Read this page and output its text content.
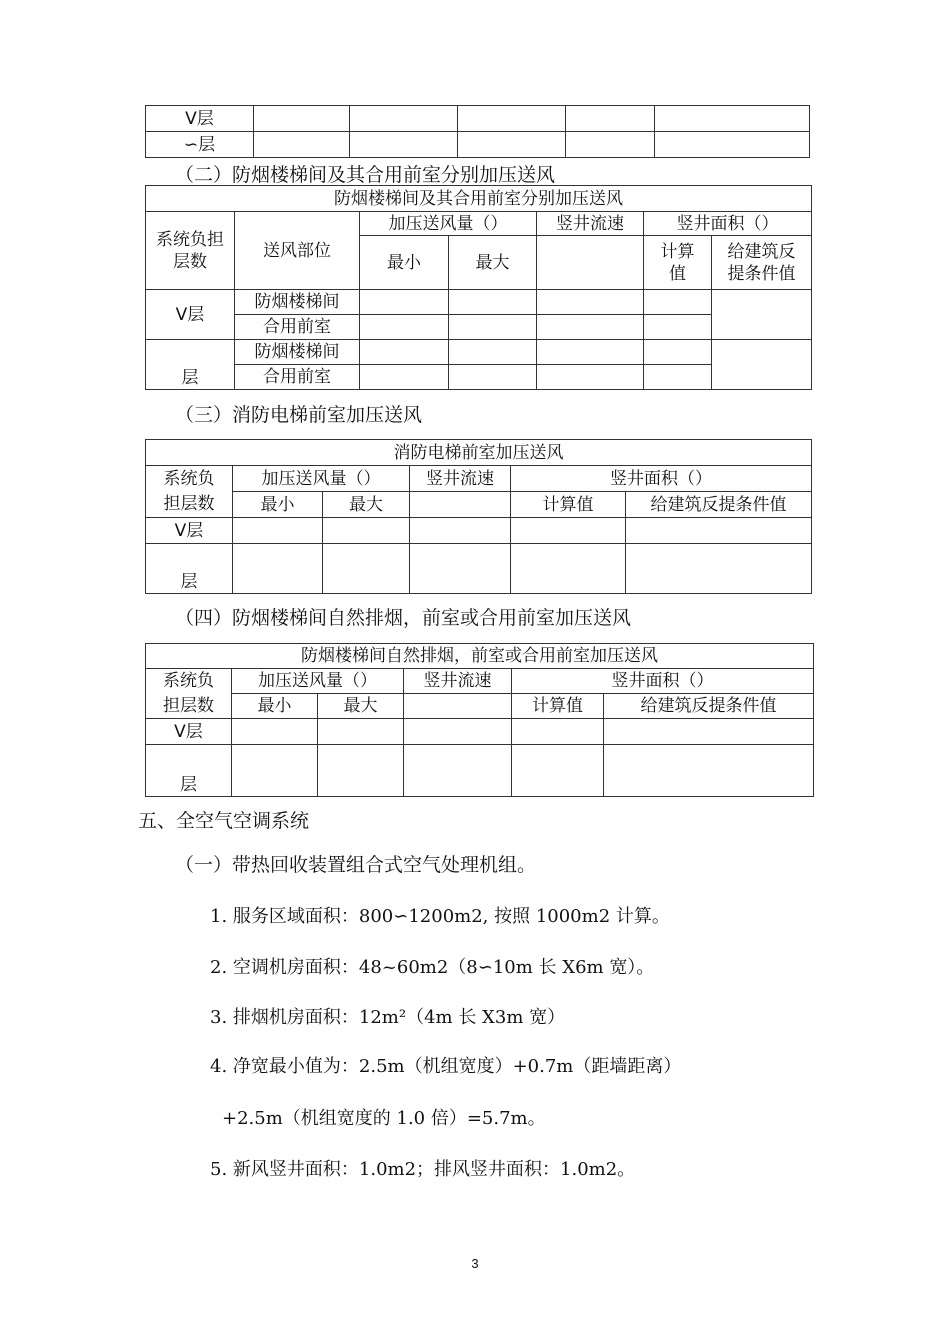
V层					
∽层					
（二）防烟楼梯间及其合用前室分别加压送风
防烟楼梯间及其合用前室分别加压送风						
系统负担层数	送风部位	加压送风量（）		竖井流速	竖井面积（）	
		最小	最大		计算值	给建筑反提条件值
V层	防烟楼梯间					
	合用前室					
层	防烟楼梯间					
	合用前室					
（三）消防电梯前室加压送风
消防电梯前室加压送风					
系统负	加压送风量（）		竖井流速	竖井面积（）	
担层数	最小	最大		计算值	给建筑反提条件值
V层					
层					
（四）防烟楼梯间自然排烟，前室或合用前室加压送风
防烟楼梯间自然排烟，前室或合用前室加压送风					
系统负	加压送风量（）		竖井流速	竖井面积（）	
担层数	最小	最大		计算值	给建筑反提条件值
V层					
层					
五、全空气空调系统
（一）带热回收装置组合式空气处理机组。
1. 服务区域面积：800∽1200m2, 按照 1000m2 计算。
2. 空调机房面积：48~60m2（8∽10m 长 X6m 宽）。
3. 排烟机房面积：12m²（4m 长 X3m 宽）
4. 净宽最小值为：2.5m（机组宽度）+0.7m（距墙距离）
+2.5m（机组宽度的 1.0 倍）=5.7m。
5. 新风竖井面积：1.0m2；排风竖井面积：1.0m2。
3
